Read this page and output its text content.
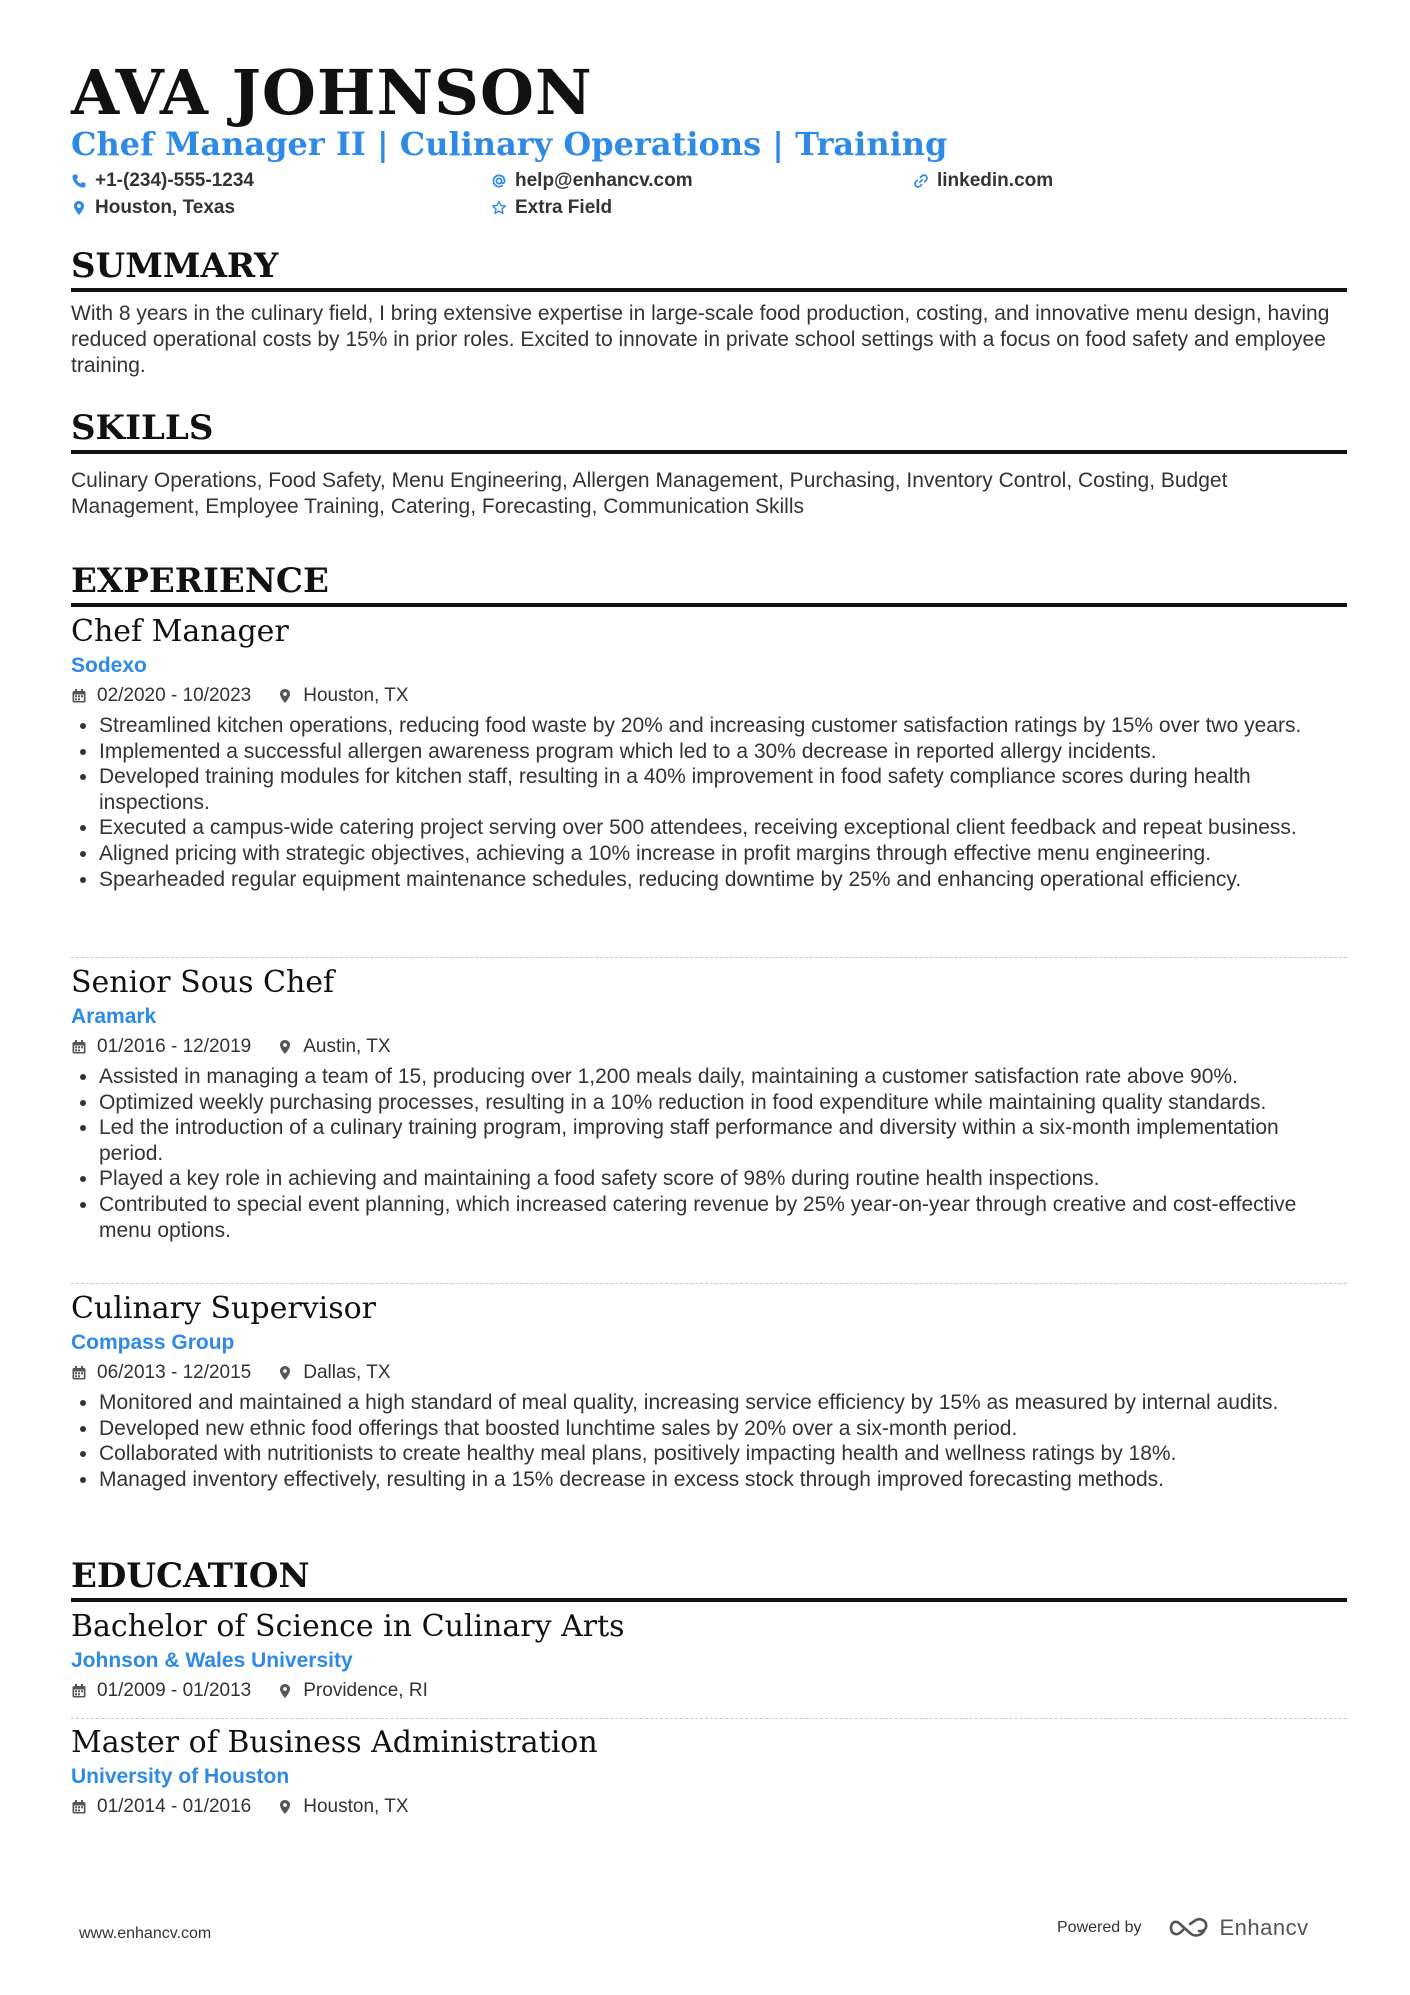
AVA JOHNSON
Chef Manager II | Culinary Operations | Training
+1-(234)-555-1234	help@enhancv.com	linkedin.com
Houston, Texas	Extra Field
SUMMARY

With 8 years in the culinary field, I bring extensive expertise in large-scale food production, costing, and innovative menu design, having reduced operational costs by 15% in prior roles. Excited to innovate in private school settings with a focus on food safety and employee training.

SKILLS

Culinary Operations, Food Safety, Menu Engineering, Allergen Management, Purchasing, Inventory Control, Costing, Budget Management, Employee Training, Catering, Forecasting, Communication Skills

EXPERIENCE
Chef Manager
Sodexo
02/2020 - 10/2023	Houston, TX
Streamlined kitchen operations, reducing food waste by 20% and increasing customer satisfaction ratings by 15% over two years.
Implemented a successful allergen awareness program which led to a 30% decrease in reported allergy incidents.
Developed training modules for kitchen staff, resulting in a 40% improvement in food safety compliance scores during health inspections.
Executed a campus-wide catering project serving over 500 attendees, receiving exceptional client feedback and repeat business.
Aligned pricing with strategic objectives, achieving a 10% increase in profit margins through effective menu engineering.
Spearheaded regular equipment maintenance schedules, reducing downtime by 25% and enhancing operational efficiency.
Senior Sous Chef
Aramark
01/2016 - 12/2019	Austin, TX
Assisted in managing a team of 15, producing over 1,200 meals daily, maintaining a customer satisfaction rate above 90%.
Optimized weekly purchasing processes, resulting in a 10% reduction in food expenditure while maintaining quality standards.
Led the introduction of a culinary training program, improving staff performance and diversity within a six-month implementation period.
Played a key role in achieving and maintaining a food safety score of 98% during routine health inspections.
Contributed to special event planning, which increased catering revenue by 25% year-on-year through creative and cost-effective menu options.
Culinary Supervisor
Compass Group
06/2013 - 12/2015	Dallas, TX
Monitored and maintained a high standard of meal quality, increasing service efficiency by 15% as measured by internal audits.
Developed new ethnic food offerings that boosted lunchtime sales by 20% over a six-month period.
Collaborated with nutritionists to create healthy meal plans, positively impacting health and wellness ratings by 18%.
Managed inventory effectively, resulting in a 15% decrease in excess stock through improved forecasting methods.
EDUCATION
Bachelor of Science in Culinary Arts
Johnson & Wales University
01/2009 - 01/2013	Providence, RI
Master of Business Administration
University of Houston
01/2014 - 01/2016	Houston, TX
www.enhancv.com	Powered by	Enhancv
